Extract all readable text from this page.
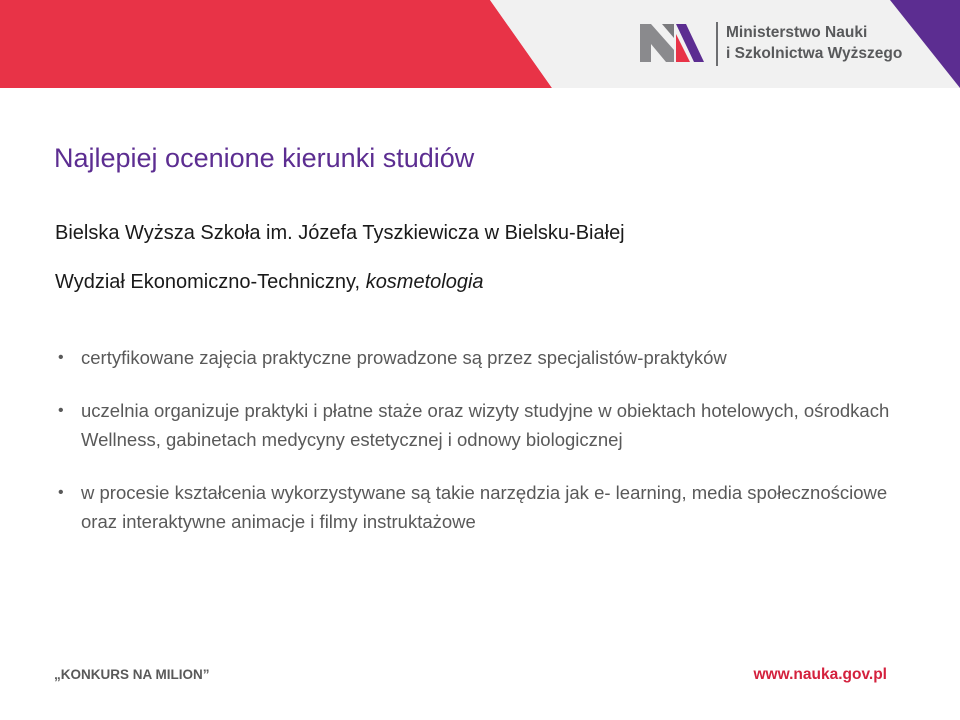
Ministerstwo Nauki
i Szkolnictwa Wyższego
Najlepiej ocenione kierunki studiów
Bielska Wyższa Szkoła im. Józefa Tyszkiewicza w Bielsku-Białej
Wydział Ekonomiczno-Techniczny, kosmetologia
• certyfikowane zajęcia praktyczne prowadzone są przez specjalistów-praktyków
• uczelnia organizuje praktyki i płatne staże oraz wizyty studyjne w obiektach hotelowych, ośrodkach Wellness, gabinetach medycyny estetycznej i odnowy biologicznej
• w procesie kształcenia wykorzystywane są takie narzędzia jak e- learning, media społecznościowe oraz interaktywne animacje i filmy instruktażowe
„KONKURS NA MILION”	www.nauka.gov.pl
